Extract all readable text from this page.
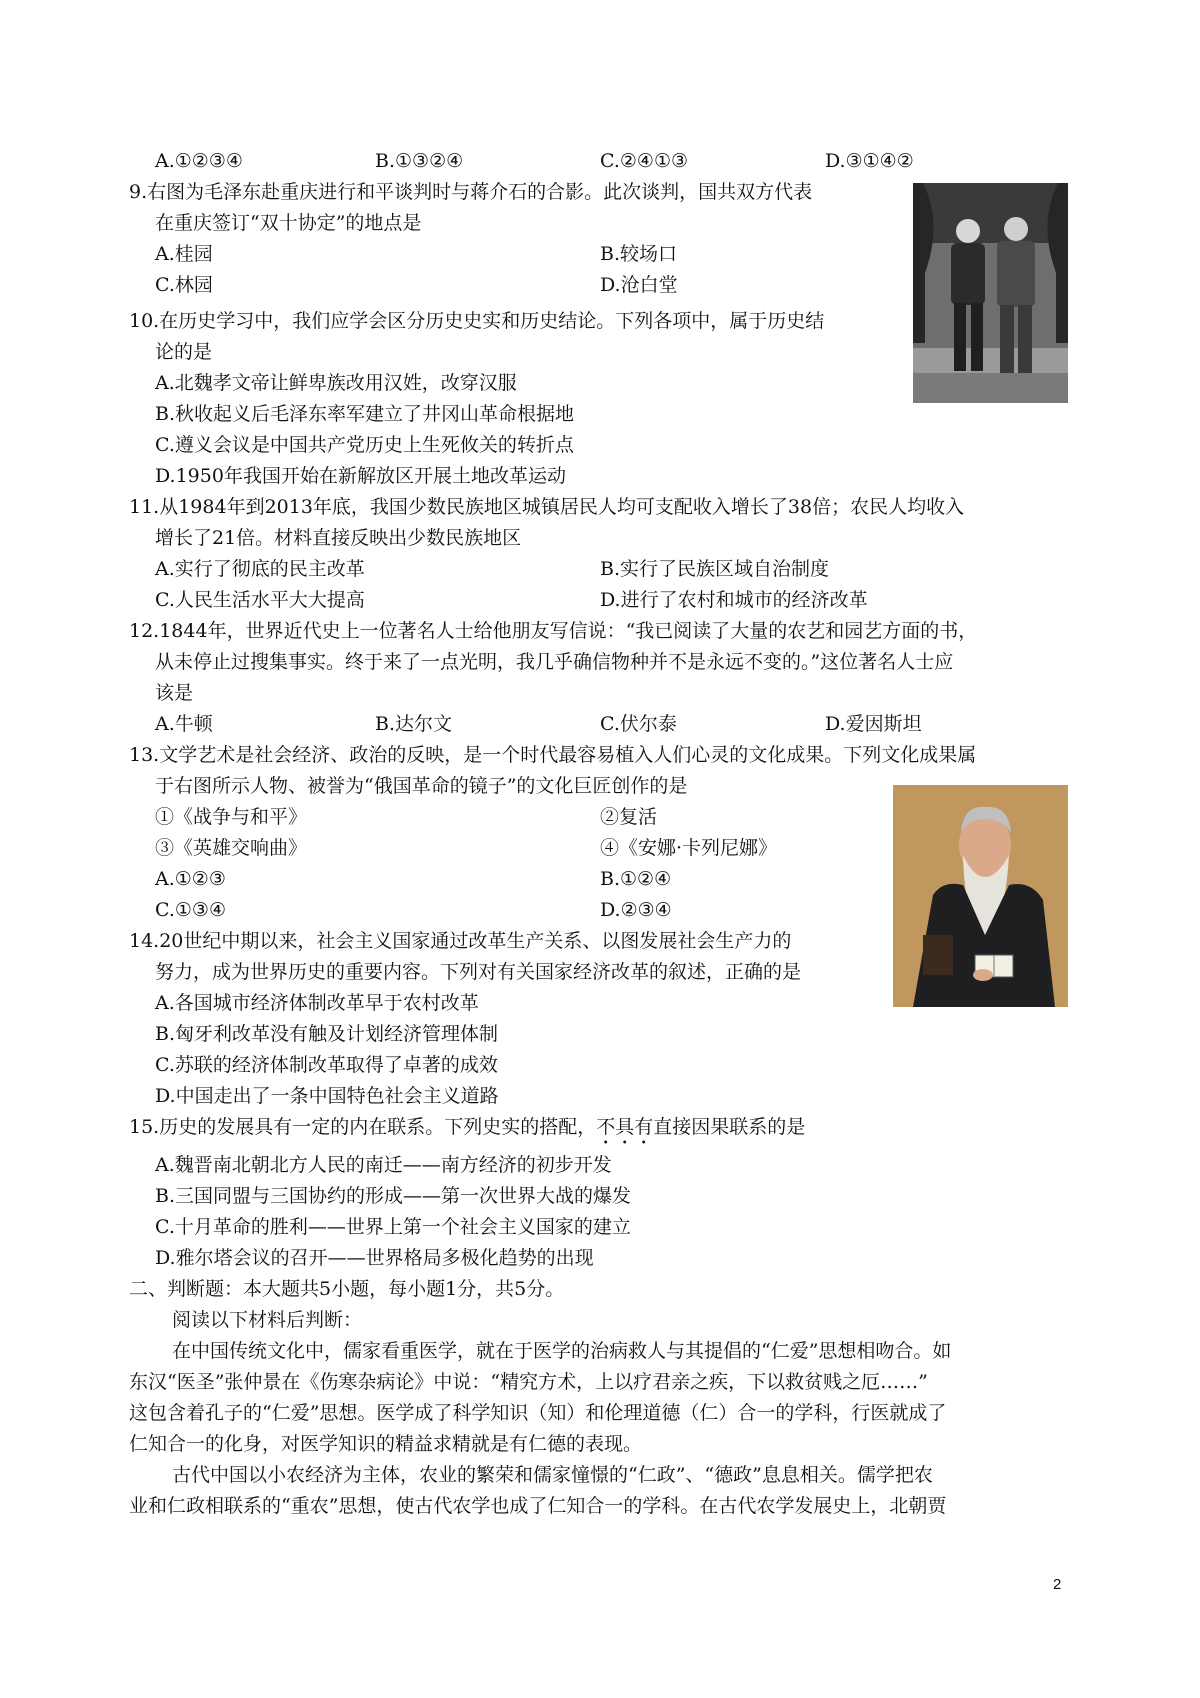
A.①②③④	B.①③②④	C.②④①③	D.③①④②
9.右图为毛泽东赴重庆进行和平谈判时与蒋介石的合影。此次谈判，国共双方代表
在重庆签订“双十协定”的地点是
A.桂园	B.较场口
C.林园	D.沧白堂
10.在历史学习中，我们应学会区分历史史实和历史结论。下列各项中，属于历史结
论的是
A.北魏孝文帝让鲜卑族改用汉姓，改穿汉服
B.秋收起义后毛泽东率军建立了井冈山革命根据地
C.遵义会议是中国共产党历史上生死攸关的转折点
D.1950年我国开始在新解放区开展土地改革运动
11.从1984年到2013年底，我国少数民族地区城镇居民人均可支配收入增长了38倍；农民人均收入
增长了21倍。材料直接反映出少数民族地区
A.实行了彻底的民主改革	B.实行了民族区域自治制度
C.人民生活水平大大提高	D.进行了农村和城市的经济改革
12.1844年，世界近代史上一位著名人士给他朋友写信说：“我已阅读了大量的农艺和园艺方面的书，
从未停止过搜集事实。终于来了一点光明，我几乎确信物种并不是永远不变的。”这位著名人士应
该是
A.牛顿	B.达尔文	C.伏尔泰	D.爱因斯坦
13.文学艺术是社会经济、政治的反映，是一个时代最容易植入人们心灵的文化成果。下列文化成果属
于右图所示人物、被誉为“俄国革命的镜子”的文化巨匠创作的是
①《战争与和平》	②复活
③《英雄交响曲》	④《安娜·卡列尼娜》
A.①②③	B.①②④
C.①③④	D.②③④
14.20世纪中期以来，社会主义国家通过改革生产关系、以图发展社会生产力的
努力，成为世界历史的重要内容。下列对有关国家经济改革的叙述，正确的是
A.各国城市经济体制改革早于农村改革
B.匈牙利改革没有触及计划经济管理体制
C.苏联的经济体制改革取得了卓著的成效
D.中国走出了一条中国特色社会主义道路
15.历史的发展具有一定的内在联系。下列史实的搭配，不具有直接因果联系的是
A.魏晋南北朝北方人民的南迁——南方经济的初步开发
B.三国同盟与三国协约的形成——第一次世界大战的爆发
C.十月革命的胜利——世界上第一个社会主义国家的建立
D.雅尔塔会议的召开——世界格局多极化趋势的出现
二、判断题：本大题共5小题，每小题1分，共5分。
阅读以下材料后判断：
在中国传统文化中，儒家看重医学，就在于医学的治病救人与其提倡的“仁爱”思想相吻合。如
东汉“医圣”张仲景在《伤寒杂病论》中说：“精究方术，上以疗君亲之疾，下以救贫贱之厄……”
这包含着孔子的“仁爱”思想。医学成了科学知识（知）和伦理道德（仁）合一的学科，行医就成了
仁知合一的化身，对医学知识的精益求精就是有仁德的表现。
古代中国以小农经济为主体，农业的繁荣和儒家憧憬的“仁政”、“德政”息息相关。儒学把农
业和仁政相联系的“重农”思想，使古代农学也成了仁知合一的学科。在古代农学发展史上，北朝贾
2
